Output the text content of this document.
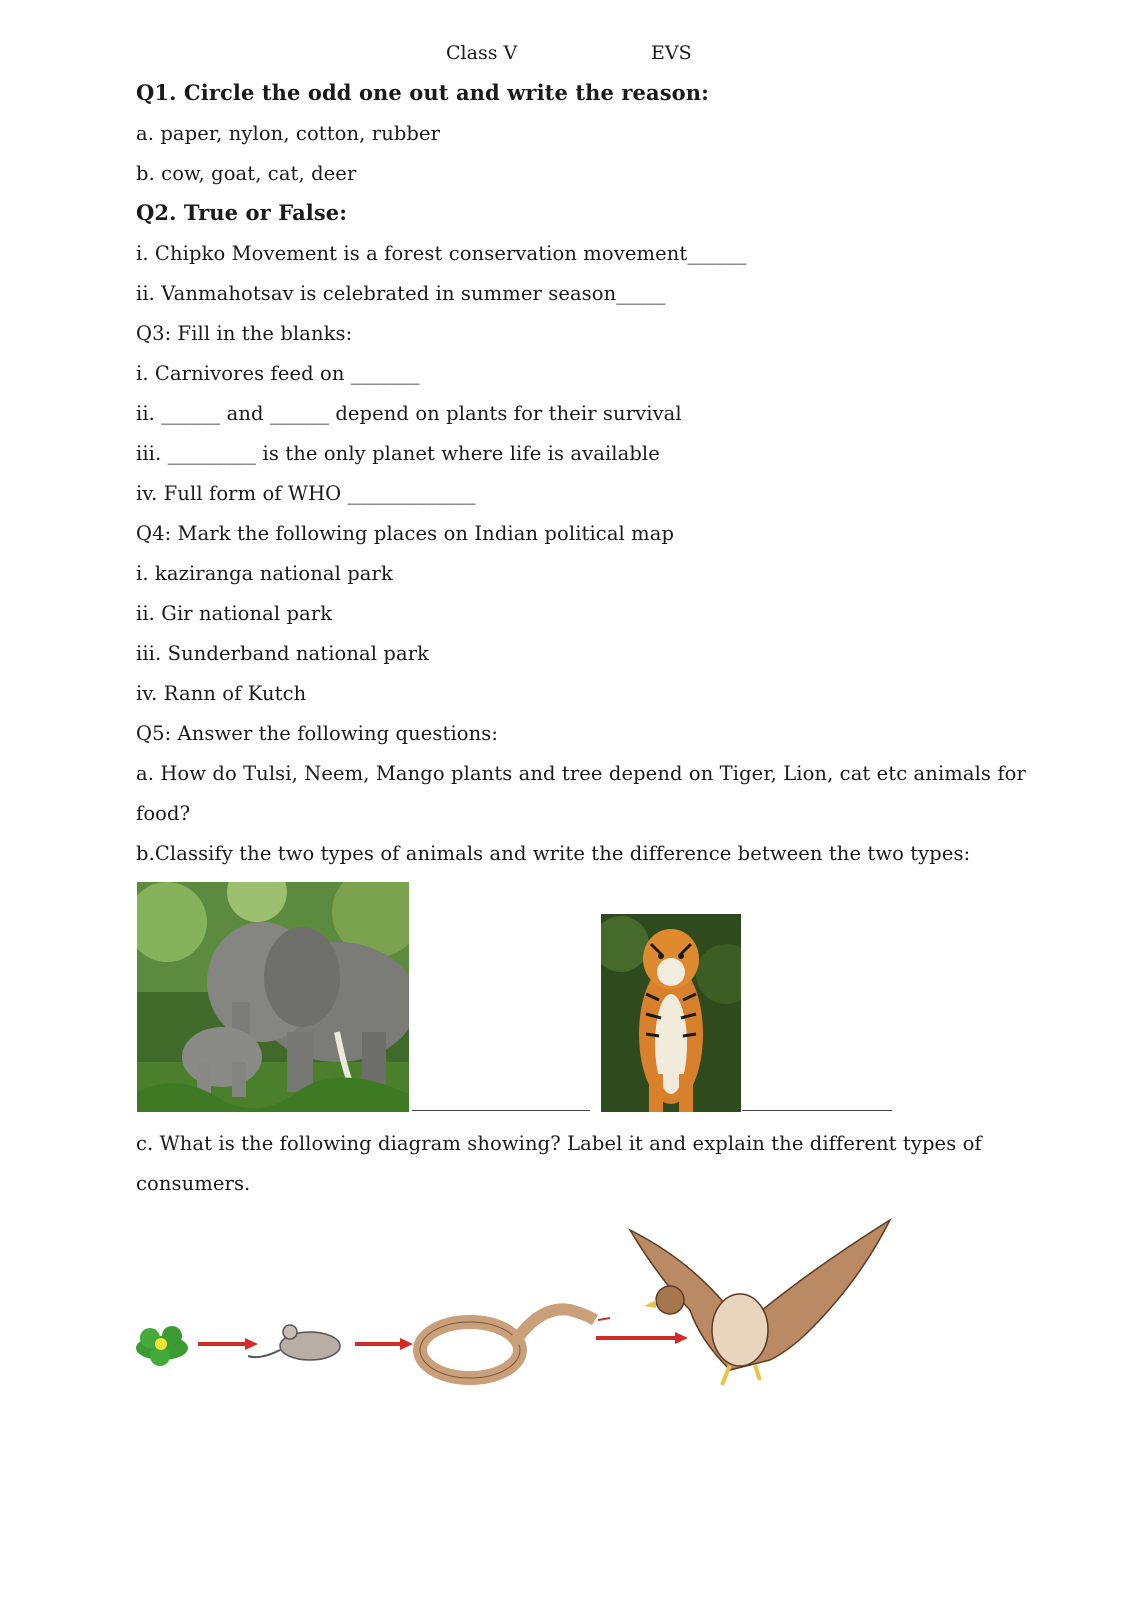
Class V	EVS
Q1. Circle the odd one out and write the reason:
a. paper, nylon, cotton, rubber
b. cow, goat, cat, deer
Q2. True or False:
i. Chipko Movement is a forest conservation movement______
ii. Vanmahotsav is celebrated in summer season_____
Q3: Fill in the blanks:
i. Carnivores feed on _______
ii. ______ and ______ depend on plants for their survival
iii. _________ is the only planet where life is available
iv. Full form of WHO _____________
Q4: Mark the following places on Indian political map
i. kaziranga national park
ii. Gir national park
iii. Sunderband national park
iv. Rann of Kutch
Q5: Answer the following questions:
a. How do Tulsi, Neem, Mango plants and tree depend on Tiger, Lion, cat etc animals for
food?
b.Classify the two types of animals and write the difference between the two types:
c. What is the following diagram showing? Label it and explain the different types of
consumers.
